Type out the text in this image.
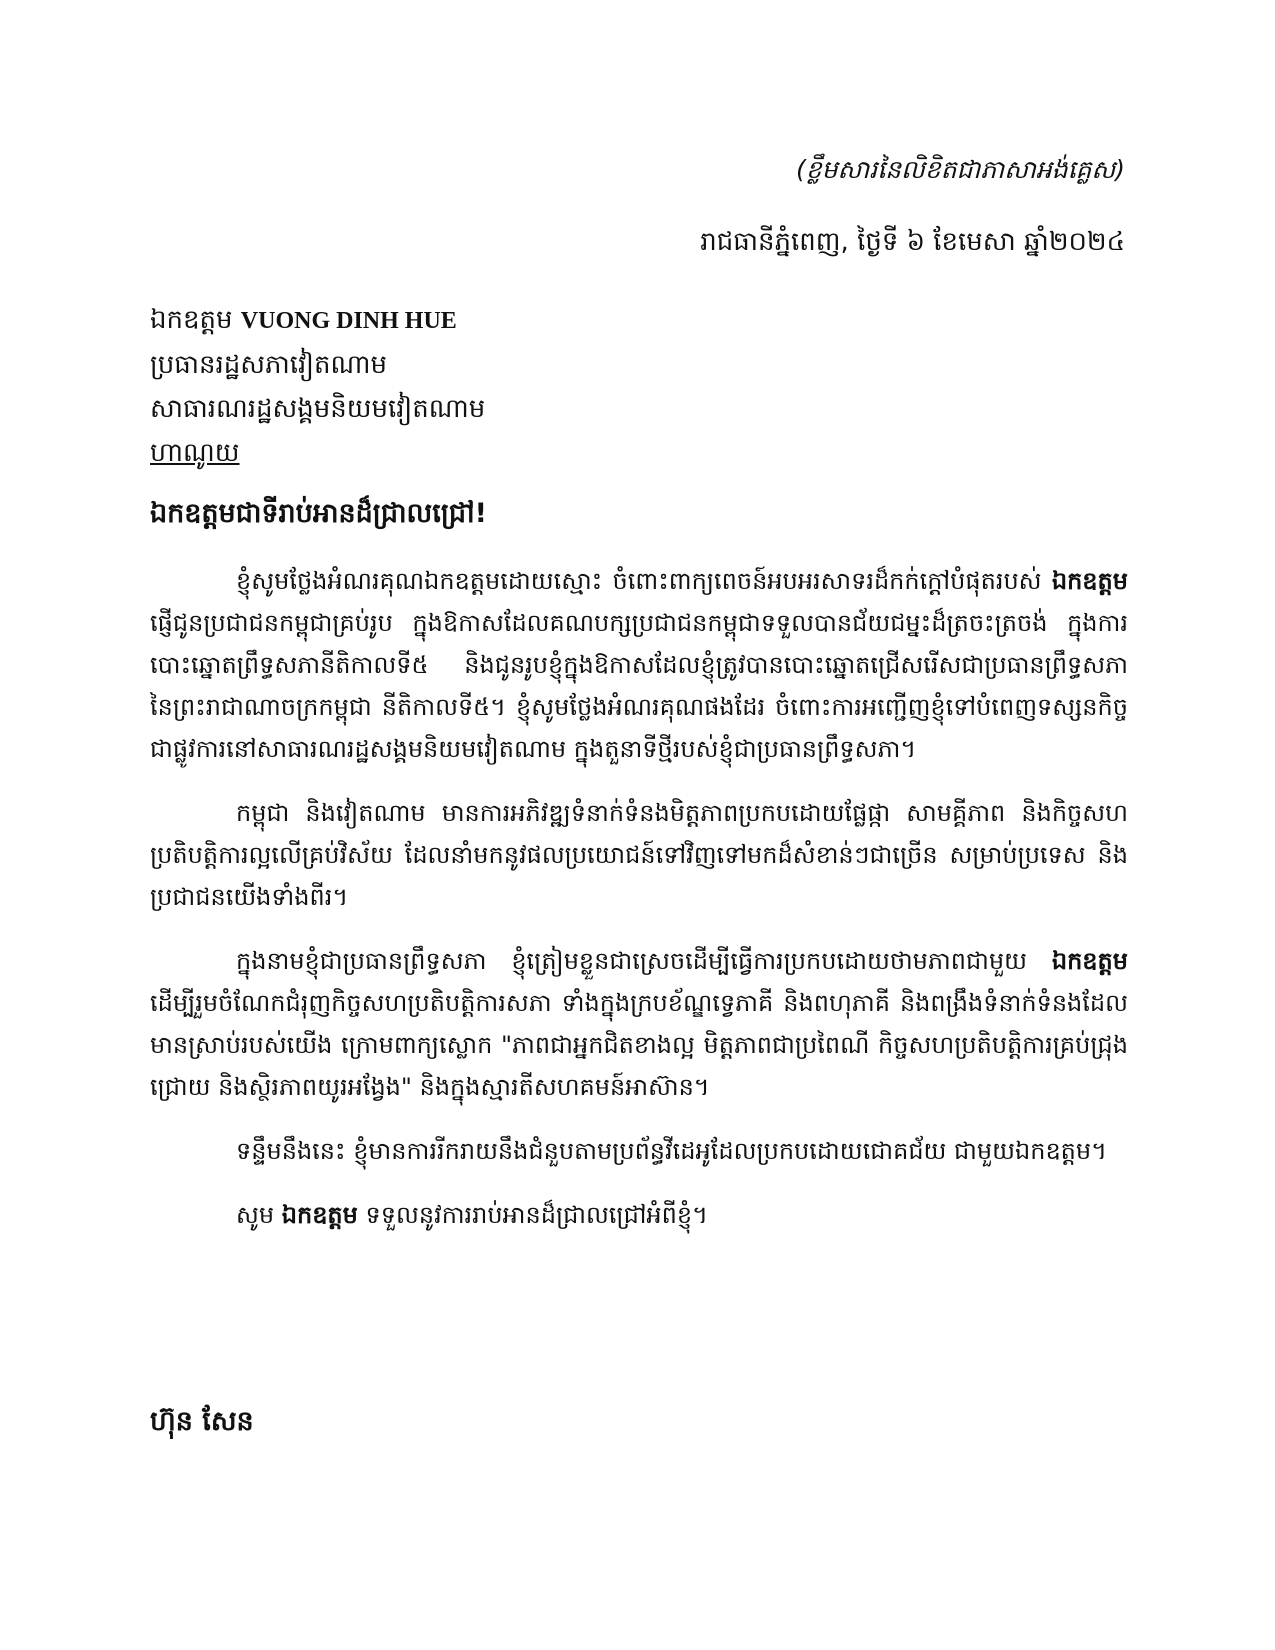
(ខ្លឹមសារនៃលិខិតជាភាសាអង់គ្លេស)
រាជធានីភ្នំពេញ, ថ្ងៃទី ៦ ខែមេសា ឆ្នាំ២០២៤
ឯកឧត្តម VUONG DINH HUE
ប្រធានរដ្ឋសភាវៀតណាម
សាធារណរដ្ឋសង្គមនិយមវៀតណាម
ហាណូយ
ឯកឧត្តមជាទីរាប់អានដ៏ជ្រាលជ្រៅ!

ខ្ញុំសូមថ្លែងអំណរគុណឯកឧត្តមដោយស្មោះ ចំពោះពាក្យពេចន៍អបអរសាទរដ៏កក់ក្តៅបំផុតរបស់ ឯកឧត្តម ផ្ញើជូនប្រជាជនកម្ពុជាគ្រប់រូប ក្នុងឱកាសដែលគណបក្សប្រជាជនកម្ពុជាទទួលបានជ័យជម្នះដ៏ត្រចះត្រចង់ ក្នុងការបោះឆ្នោតព្រឹទ្ធសភានីតិកាលទី៥ និងជូនរូបខ្ញុំក្នុងឱកាសដែលខ្ញុំត្រូវបានបោះឆ្នោតជ្រើសរើសជាប្រធានព្រឹទ្ធសភា នៃព្រះរាជាណាចក្រកម្ពុជា នីតិកាលទី៥។ ខ្ញុំសូមថ្លែងអំណរគុណផងដែរ ចំពោះការអញ្ជើញខ្ញុំទៅបំពេញទស្សនកិច្ចជាផ្លូវការនៅសាធារណរដ្ឋសង្គមនិយមវៀតណាម ក្នុងតួនាទីថ្មីរបស់ខ្ញុំជាប្រធានព្រឹទ្ធសភា។

កម្ពុជា និងវៀតណាម មានការអភិវឌ្ឍទំនាក់ទំនងមិត្តភាពប្រកបដោយផ្លែផ្កា សាមគ្គីភាព និងកិច្ចសហប្រតិបត្តិការល្អលើគ្រប់វិស័យ ដែលនាំមកនូវផលប្រយោជន៍ទៅវិញទៅមកដ៏សំខាន់ៗជាច្រើន សម្រាប់ប្រទេស និងប្រជាជនយើងទាំងពីរ។

ក្នុងនាមខ្ញុំជាប្រធានព្រឹទ្ធសភា ខ្ញុំត្រៀមខ្លួនជាស្រេចដើម្បីធ្វើការប្រកបដោយថាមភាពជាមួយ ឯកឧត្តម ដើម្បីរួមចំណែកជំរុញកិច្ចសហប្រតិបត្តិការសភា ទាំងក្នុងក្របខ័ណ្ឌទ្វេភាគី និងពហុភាគី និងពង្រឹងទំនាក់ទំនងដែលមានស្រាប់របស់យើង ក្រោមពាក្យស្លោក "ភាពជាអ្នកជិតខាងល្អ មិត្តភាពជាប្រពៃណី កិច្ចសហប្រតិបត្តិការគ្រប់ជ្រុងជ្រោយ និងស្ថិរភាពយូរអង្វែង" និងក្នុងស្មារតីសហគមន៍អាស៊ាន។

ទន្ទឹមនឹងនេះ ខ្ញុំមានការរីករាយនឹងជំនួបតាមប្រព័ន្ធវីដេអូដែលប្រកបដោយជោគជ័យ ជាមួយឯកឧត្តម។

សូម ឯកឧត្តម ទទួលនូវការរាប់អានដ៏ជ្រាលជ្រៅអំពីខ្ញុំ។

ហ៊ុន សែន
